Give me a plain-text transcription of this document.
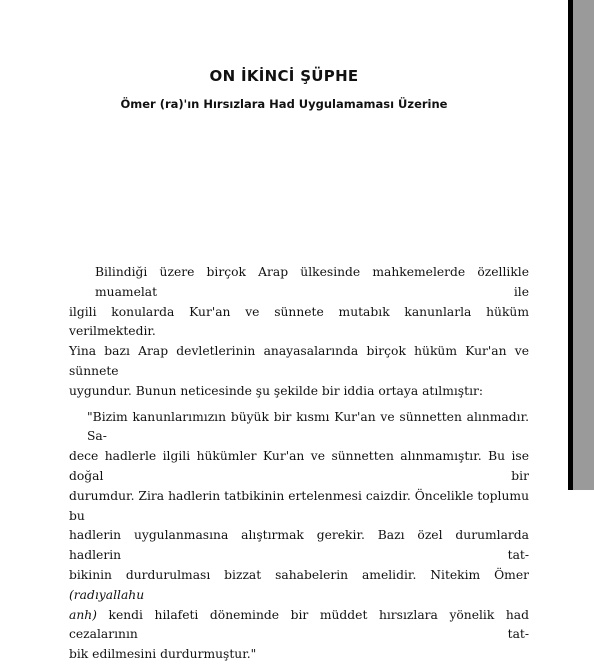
ON İKİNCİ ŞÜPHE
Ömer (ra)'ın Hırsızlara Had Uygulamaması Üzerine
Bilindiği üzere birçok Arap ülkesinde mahkemelerde özellikle muamelat ile
ilgili konularda Kur'an ve sünnete mutabık kanunlarla hüküm verilmektedir.
Yina bazı Arap devletlerinin anayasalarında birçok hüküm Kur'an ve sünnete
uygundur. Bunun neticesinde şu şekilde bir iddia ortaya atılmıştır:
"Bizim kanunlarımızın büyük bir kısmı Kur'an ve sünnetten alınmadır. Sa-
dece hadlerle ilgili hükümler Kur'an ve sünnetten alınmamıştır. Bu ise doğal bir
durumdur. Zira hadlerin tatbikinin ertelenmesi caizdir. Öncelikle toplumu bu
hadlerin uygulanmasına alıştırmak gerekir. Bazı özel durumlarda hadlerin tat-
bikinin durdurulması bizzat sahabelerin amelidir. Nitekim Ömer (radıyallahu
anh) kendi hilafeti döneminde bir müddet hırsızlara yönelik had cezalarının tat-
bik edilmesini durdurmuştur."
